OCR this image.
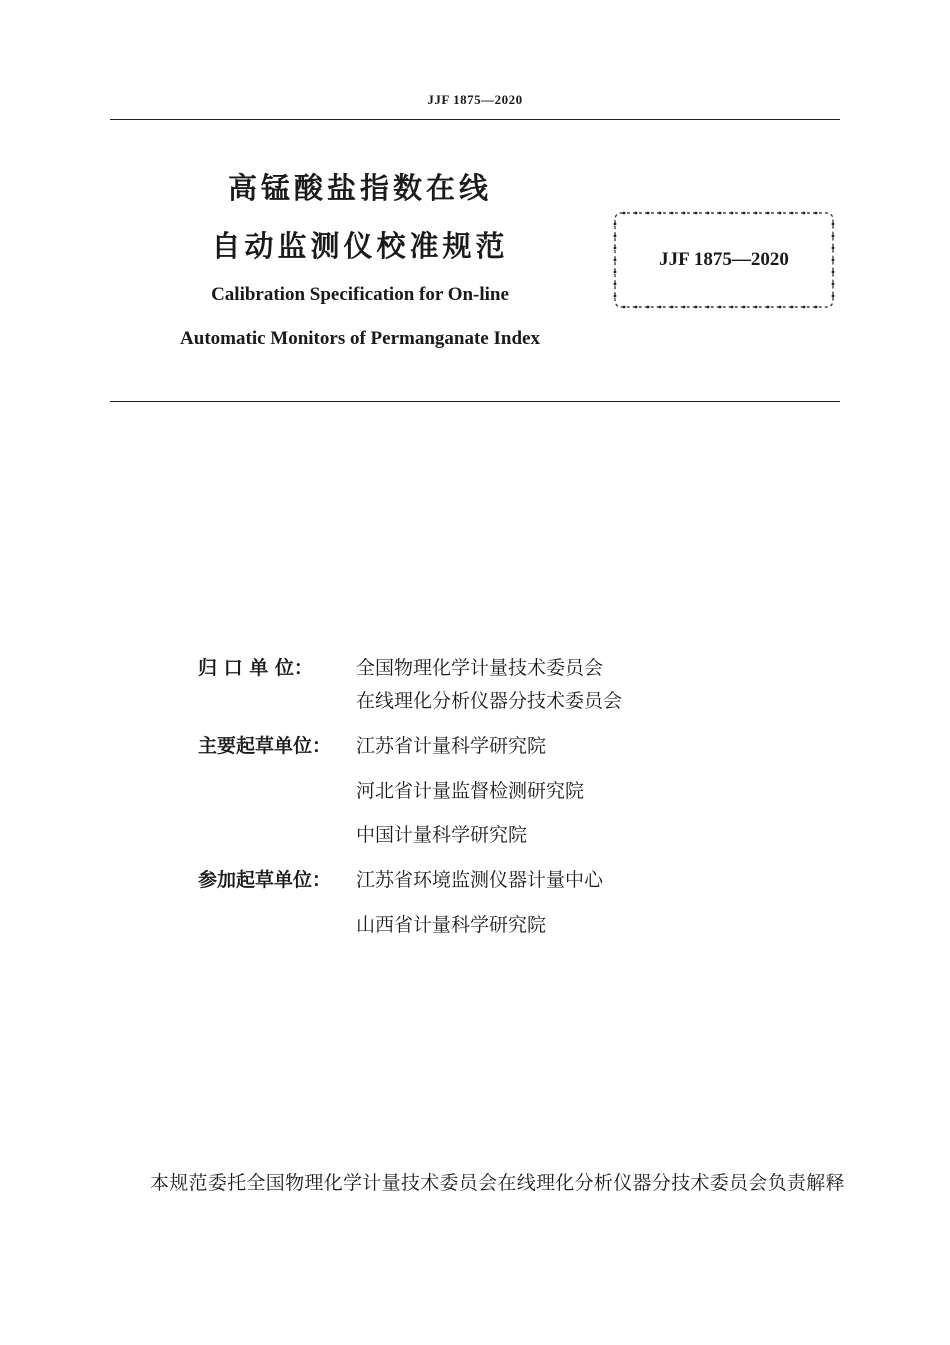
JJF 1875—2020
高锰酸盐指数在线
自动监测仪校准规范
Calibration Specification for On-line
Automatic Monitors of Permanganate Index
JJF 1875—2020
归 口 单 位：	全国物理化学计量技术委员会
在线理化分析仪器分技术委员会
主要起草单位：	江苏省计量科学研究院
河北省计量监督检测研究院
中国计量科学研究院
参加起草单位：	江苏省环境监测仪器计量中心
山西省计量科学研究院
本规范委托全国物理化学计量技术委员会在线理化分析仪器分技术委员会负责解释
